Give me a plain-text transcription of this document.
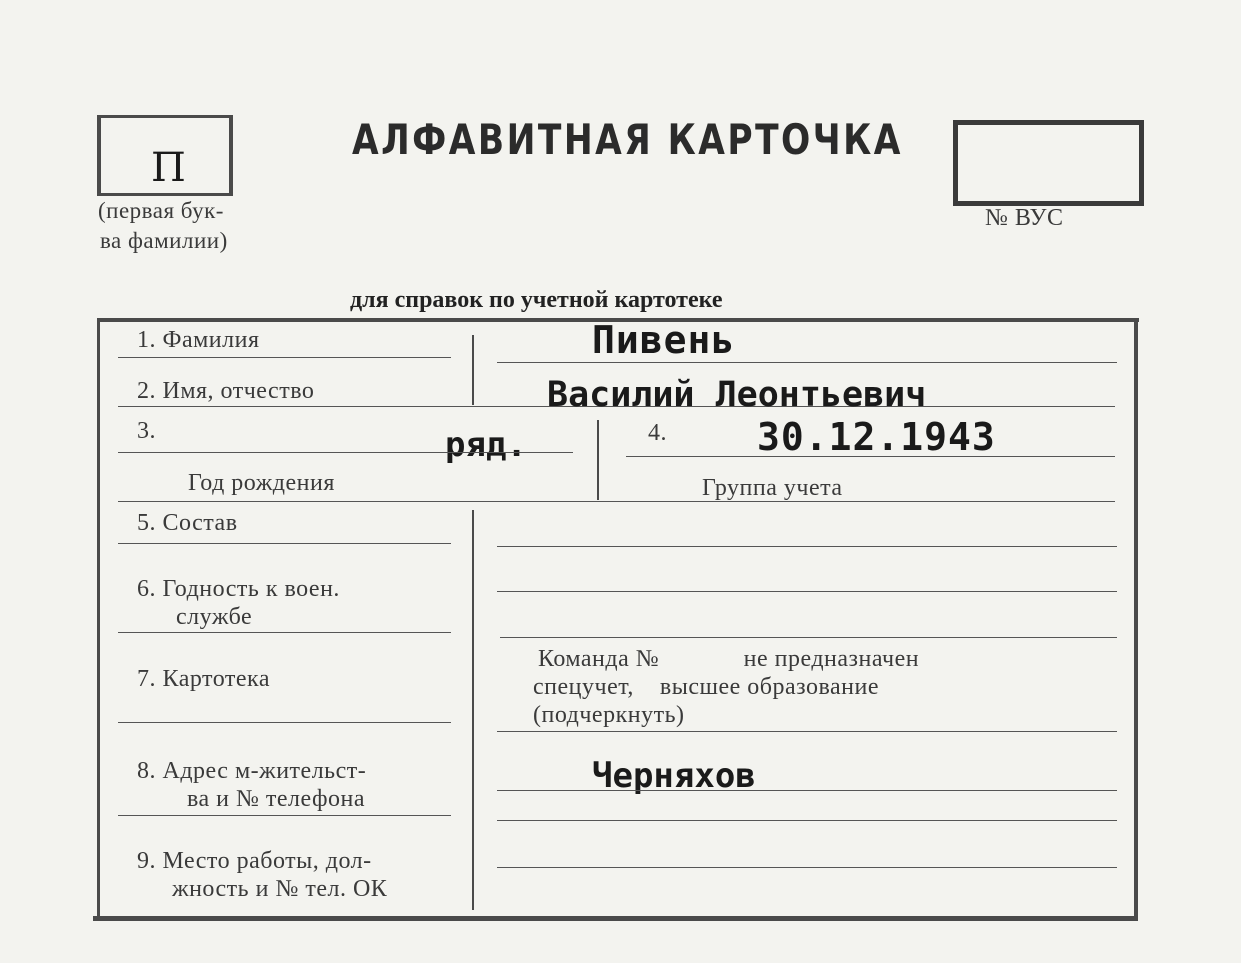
П
(первая бук-
ва фамилии)
АЛФАВИТНАЯ КАРТОЧКА
№ ВУС
для справок по учетной картотеке
1. Фамилия	Пивень
2. Имя, отчество	Василий Леонтьевич
3.	ряд.
Год рождения
4. 30.12.1943
Группа учета
5. Состав
6. Годность к воен.
службе
7. Картотека
Команда №             не предназначен
спецучет,    высшее образование
(подчеркнуть)
8. Адрес м-жительст-
ва и № телефона
Черняхов
9. Место работы, дол-
жность и № тел. ОК
